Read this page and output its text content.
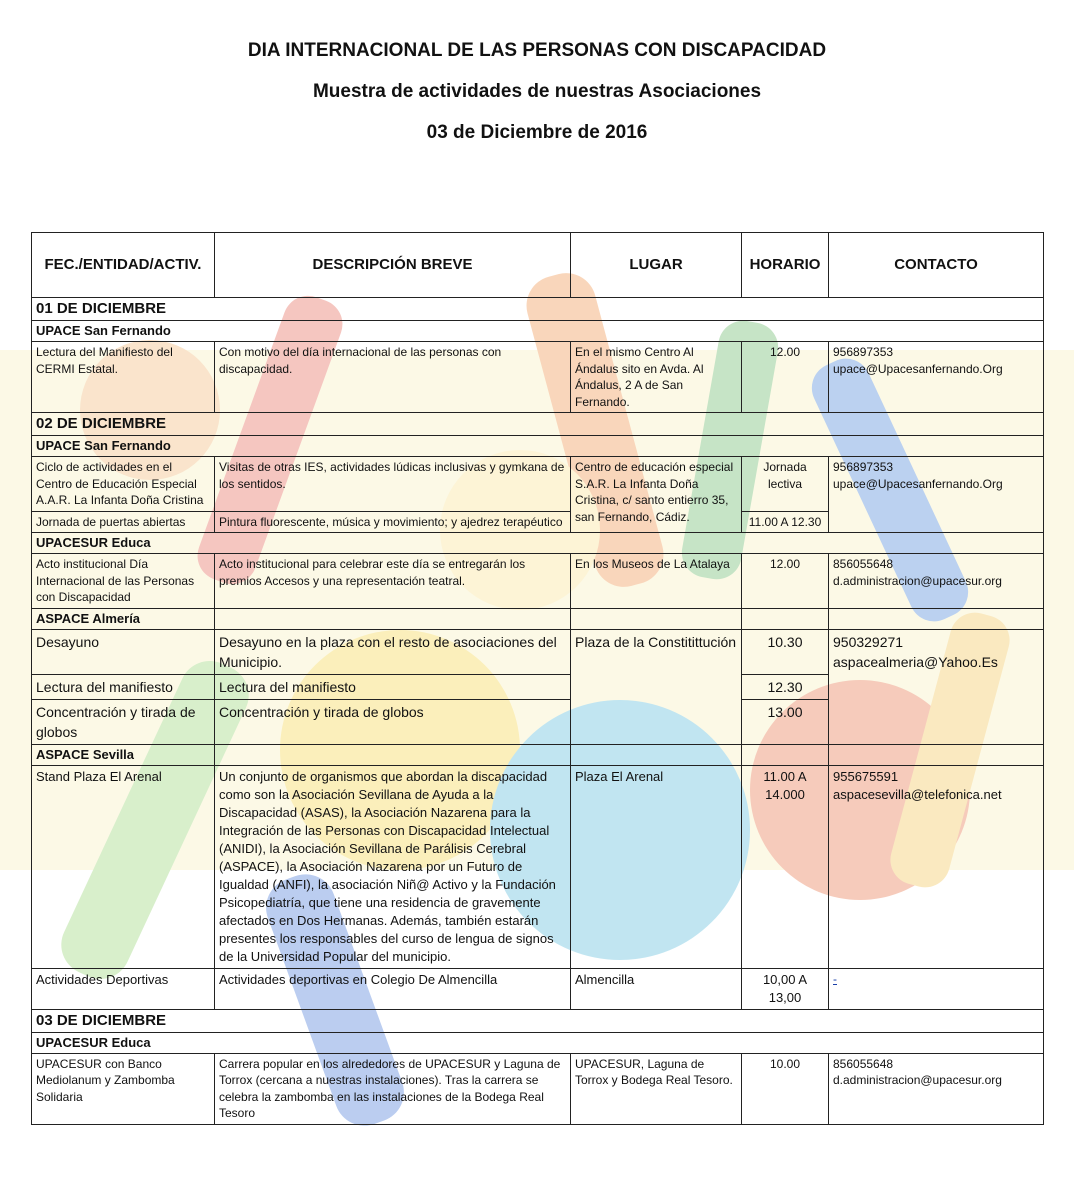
DIA INTERNACIONAL DE LAS PERSONAS CON DISCAPACIDAD
Muestra de actividades de nuestras Asociaciones
03 de Diciembre de 2016
FEC./ENTIDAD/ACTIV.	DESCRIPCIÓN BREVE	LUGAR	HORARIO	CONTACTO
01 DE DICIEMBRE				
UPACE San Fernando				
Lectura del Manifiesto del CERMI Estatal.	Con motivo del día internacional de las personas con discapacidad.	En el mismo Centro Al Ándalus sito en Avda. Al Ándalus, 2 A de San Fernando.	12.00	956897353
upace@Upacesanfernando.Org

02 DE DICIEMBRE				
UPACE San Fernando				
Ciclo de actividades en el Centro de Educación Especial A.A.R. La Infanta Doña Cristina	Visitas de otras IES, actividades lúdicas inclusivas y gymkana de los sentidos.	Centro de educación especial S.A.R. La Infanta Doña Cristina, c/ santo entierro 35, san Fernando, Cádiz.	Jornada lectiva	956897353
upace@Upacesanfernando.Org

Jornada de puertas abiertas	Pintura fluorescente, música y movimiento; y ajedrez terapéutico		11.00 A 12.30	
UPACESUR Educa				
Acto institucional Día Internacional de las Personas con Discapacidad	Acto institucional para celebrar este día se entregarán los premios Accesos y una representación teatral.	En los Museos de La Atalaya	12.00	856055648
d.administracion@upacesur.org

ASPACE Almería				
Desayuno	Desayuno en la plaza con el resto de asociaciones del Municipio.	Plaza de la Constitittución	10.30	950329271
aspacealmeria@Yahoo.Es

Lectura del manifiesto	Lectura del manifiesto		12.30	
Concentración y tirada de globos	Concentración y tirada de globos		13.00	
ASPACE Sevilla				
Stand Plaza El Arenal	Un conjunto de organismos que abordan la discapacidad como son la Asociación Sevillana de Ayuda a la Discapacidad (ASAS), la Asociación Nazarena para la Integración de las Personas con Discapacidad Intelectual (ANIDI), la Asociación Sevillana de Parálisis Cerebral (ASPACE), la Asociación Nazarena por un Futuro de Igualdad (ANFI), la asociación Niñ@ Activo y la Fundación Psicopediatría, que tiene una residencia de gravemente afectados en Dos Hermanas. Además, también estarán presentes los responsables del curso de lengua de signos de la Universidad Popular del municipio.	Plaza El Arenal	11.00 A 14.000	955675591
aspacesevilla@telefonica.net

Actividades Deportivas	Actividades deportivas en Colegio De Almencilla	Almencilla	10,00 A 13,00	-
03 DE DICIEMBRE				
UPACESUR Educa				
UPACESUR con Banco Mediolanum y Zambomba Solidaria	Carrera popular en los alrededores de UPACESUR y Laguna de Torrox (cercana a nuestras instalaciones). Tras la carrera se celebra la zambomba en las instalaciones de la Bodega Real Tesoro	UPACESUR, Laguna de Torrox y Bodega Real Tesoro.	10.00	856055648
d.administracion@upacesur.org
